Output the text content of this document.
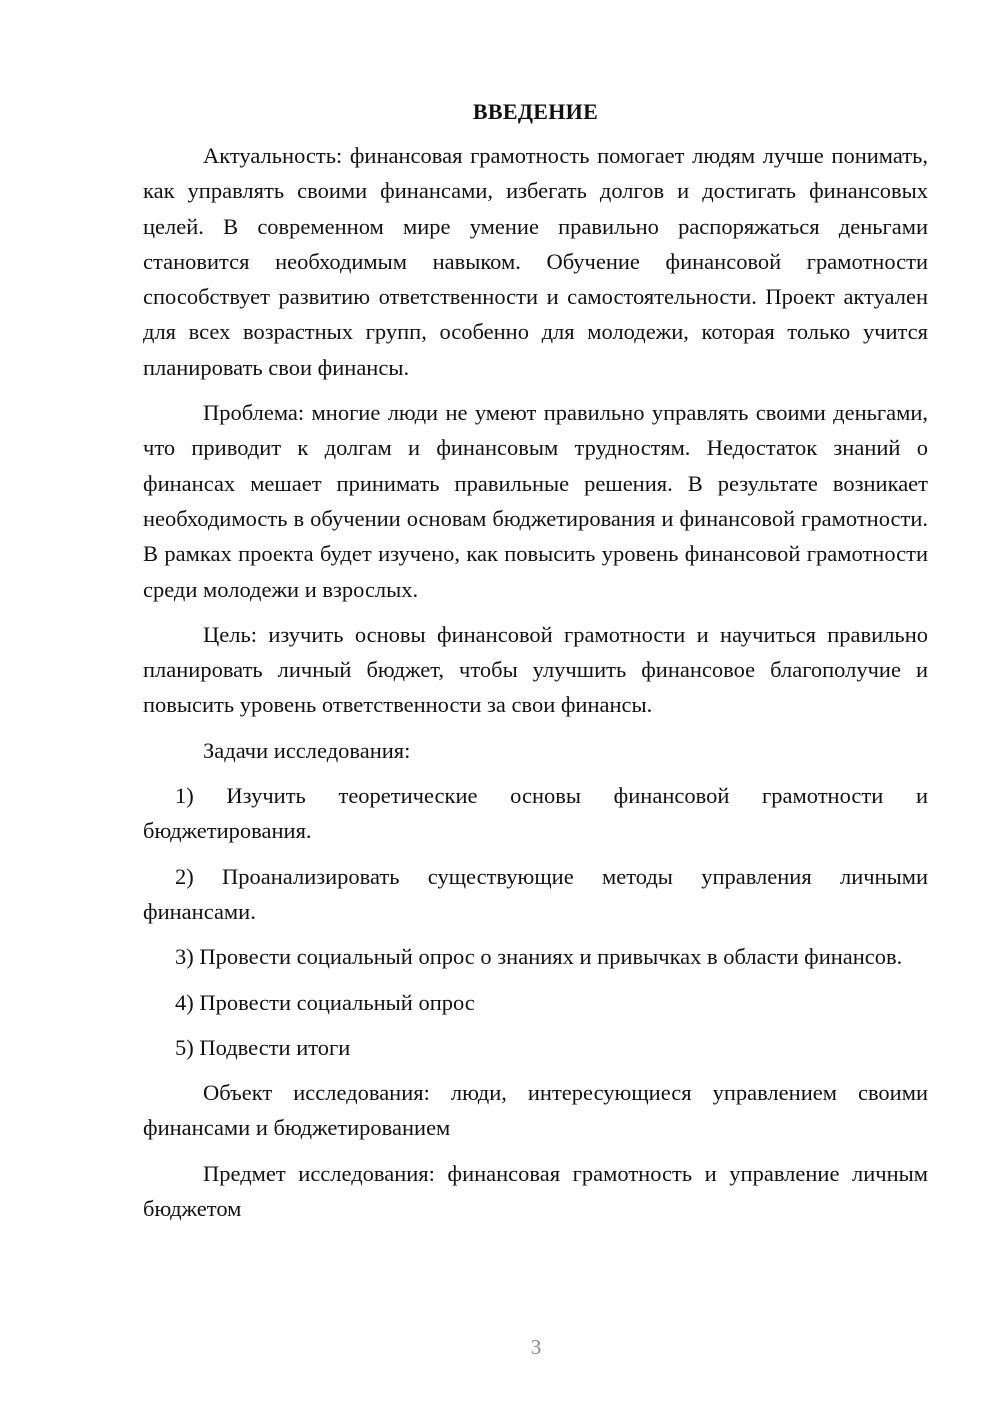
ВВЕДЕНИЕ

Актуальность: финансовая грамотность помогает людям лучше понимать, как управлять своими финансами, избегать долгов и достигать финансовых целей. В современном мире умение правильно распоряжаться деньгами становится необходимым навыком. Обучение финансовой грамотности способствует развитию ответственности и самостоятельности. Проект актуален для всех возрастных групп, особенно для молодежи, которая только учится планировать свои финансы.

Проблема: многие люди не умеют правильно управлять своими деньгами, что приводит к долгам и финансовым трудностям. Недостаток знаний о финансах мешает принимать правильные решения. В результате возникает необходимость в обучении основам бюджетирования и финансовой грамотности. В рамках проекта будет изучено, как повысить уровень финансовой грамотности среди молодежи и взрослых.

Цель: изучить основы финансовой грамотности и научиться правильно планировать личный бюджет, чтобы улучшить финансовое благополучие и повысить уровень ответственности за свои финансы.

Задачи исследования:

1) Изучить теоретические основы финансовой грамотности и бюджетирования.

2) Проанализировать существующие методы управления личными финансами.

3) Провести социальный опрос о знаниях и привычках в области финансов.

4) Провести социальный опрос

5) Подвести итоги

Объект исследования: люди, интересующиеся управлением своими финансами и бюджетированием

Предмет исследования: финансовая грамотность и управление личным бюджетом

3
